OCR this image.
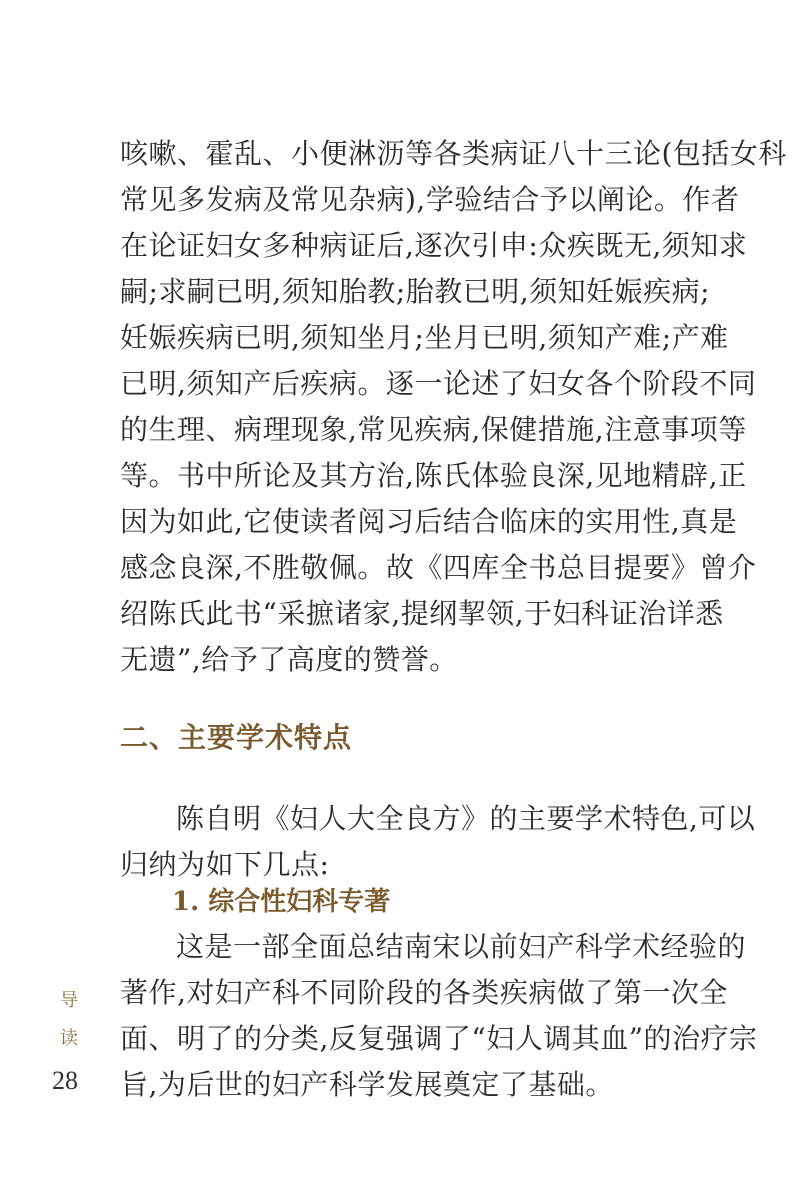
咳嗽、霍乱、小便淋沥等各类病证八十三论(包括女科
常见多发病及常见杂病),学验结合予以阐论。作者
在论证妇女多种病证后,逐次引申:众疾既无,须知求
嗣;求嗣已明,须知胎教;胎教已明,须知妊娠疾病;
妊娠疾病已明,须知坐月;坐月已明,须知产难;产难
已明,须知产后疾病。逐一论述了妇女各个阶段不同
的生理、病理现象,常见疾病,保健措施,注意事项等
等。书中所论及其方治,陈氏体验良深,见地精辟,正
因为如此,它使读者阅习后结合临床的实用性,真是
感念良深,不胜敬佩。故《四库全书总目提要》曾介
绍陈氏此书“采摭诸家,提纲挈领,于妇科证治详悉
无遗”,给予了高度的赞誉。
二、主要学术特点
陈自明《妇人大全良方》的主要学术特色,可以
归纳为如下几点:
1. 综合性妇科专著
这是一部全面总结南宋以前妇产科学术经验的
著作,对妇产科不同阶段的各类疾病做了第一次全
面、明了的分类,反复强调了“妇人调其血”的治疗宗
旨,为后世的妇产科学发展奠定了基础。
导
读
28
